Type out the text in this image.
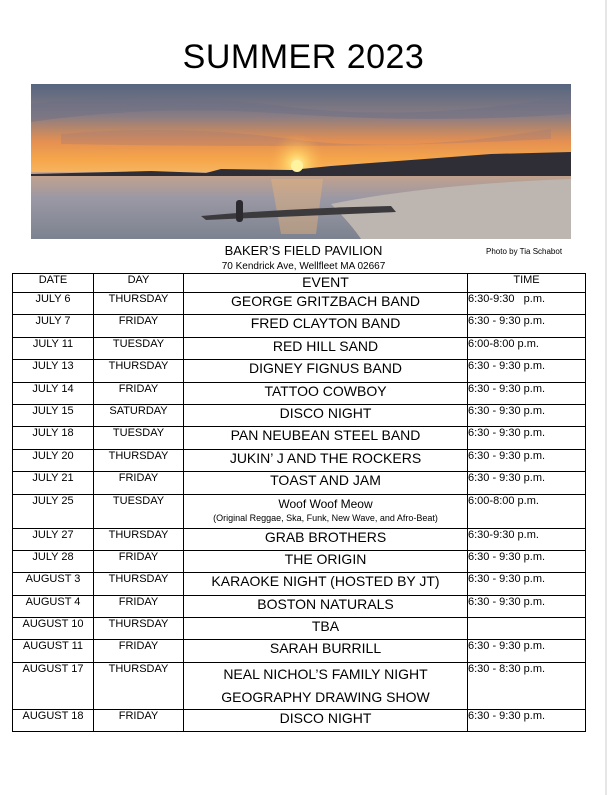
SUMMER 2023
BAKER’S FIELD PAVILION
70 Kendrick Ave, Wellfleet MA 02667
Photo by Tia Schabot
DATE	DAY	EVENT	TIME
JULY 6	THURSDAY	GEORGE GRITZBACH BAND	6:30-9:30   p.m.
JULY 7	FRIDAY	FRED CLAYTON BAND	6:30 - 9:30 p.m.
JULY 11	TUESDAY	RED HILL SAND	6:00-8:00 p.m.
JULY 13	THURSDAY	DIGNEY FIGNUS BAND	6:30 - 9:30 p.m.
JULY 14	FRIDAY	TATTOO COWBOY	6:30 - 9:30 p.m.
JULY 15	SATURDAY	DISCO NIGHT	6:30 - 9:30 p.m.
JULY 18	TUESDAY	PAN NEUBEAN STEEL BAND	6:30 - 9:30 p.m.
JULY 20	THURSDAY	JUKIN’ J AND THE ROCKERS	6:30 - 9:30 p.m.
JULY 21	FRIDAY	TOAST AND JAM	6:30 - 9:30 p.m.
JULY 25	TUESDAY	Woof Woof Meow
(Original Reggae, Ska, Funk, New Wave, and Afro-Beat)	6:00-8:00 p.m.
JULY 27	THURSDAY	GRAB BROTHERS	6:30-9:30 p.m.
JULY 28	FRIDAY	THE ORIGIN	6:30 - 9:30 p.m.
AUGUST 3	THURSDAY	KARAOKE NIGHT (HOSTED BY JT)	6:30 - 9:30 p.m.
AUGUST 4	FRIDAY	BOSTON NATURALS	6:30 - 9:30 p.m.
AUGUST 10	THURSDAY	TBA	
AUGUST 11	FRIDAY	SARAH BURRILL	6:30 - 9:30 p.m.
AUGUST 17	THURSDAY	NEAL NICHOL’S FAMILY NIGHT
GEOGRAPHY DRAWING SHOW	6:30 - 8:30 p.m.
AUGUST 18	FRIDAY	DISCO NIGHT	6:30 - 9:30 p.m.
